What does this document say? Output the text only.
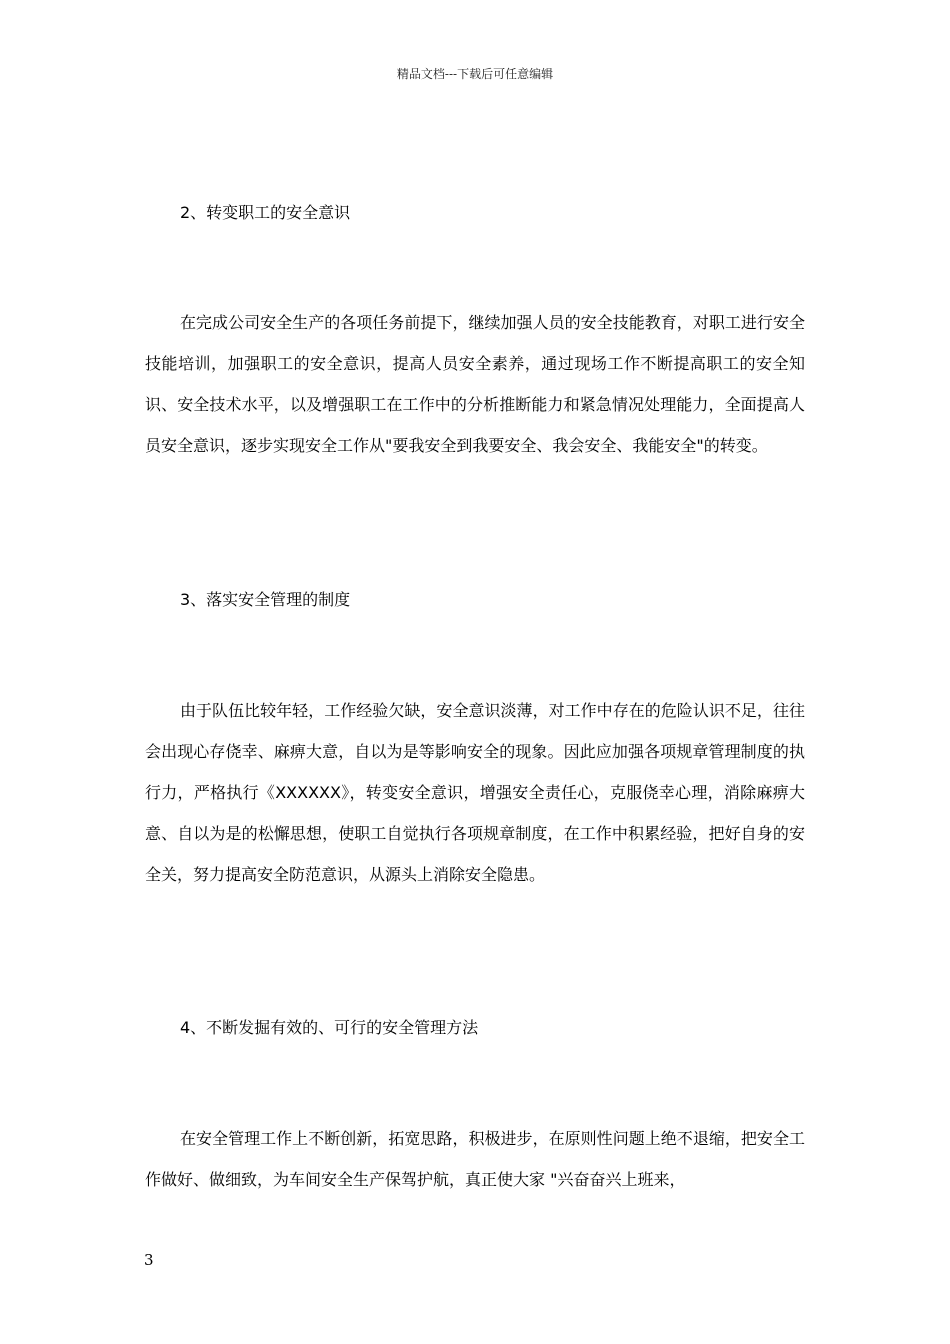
精品文档---下载后可任意编辑
2、转变职工的安全意识
在完成公司安全生产的各项任务前提下，继续加强人员的安全技能教育，对职工进行安全技能培训，加强职工的安全意识，提高人员安全素养，通过现场工作不断提高职工的安全知识、安全技术水平，以及增强职工在工作中的分析推断能力和紧急情况处理能力，全面提高人员安全意识，逐步实现安全工作从"要我安全到我要安全、我会安全、我能安全"的转变。
3、落实安全管理的制度
由于队伍比较年轻，工作经验欠缺，安全意识淡薄，对工作中存在的危险认识不足，往往会出现心存侥幸、麻痹大意，自以为是等影响安全的现象。因此应加强各项规章管理制度的执行力，严格执行《XXXXXX》，转变安全意识，增强安全责任心，克服侥幸心理，消除麻痹大意、自以为是的松懈思想，使职工自觉执行各项规章制度，在工作中积累经验，把好自身的安全关，努力提高安全防范意识，从源头上消除安全隐患。
4、不断发掘有效的、可行的安全管理方法
在安全管理工作上不断创新，拓宽思路，积极进步，在原则性问题上绝不退缩，把安全工作做好、做细致，为车间安全生产保驾护航，真正使大家 "兴奋奋兴上班来，
3
